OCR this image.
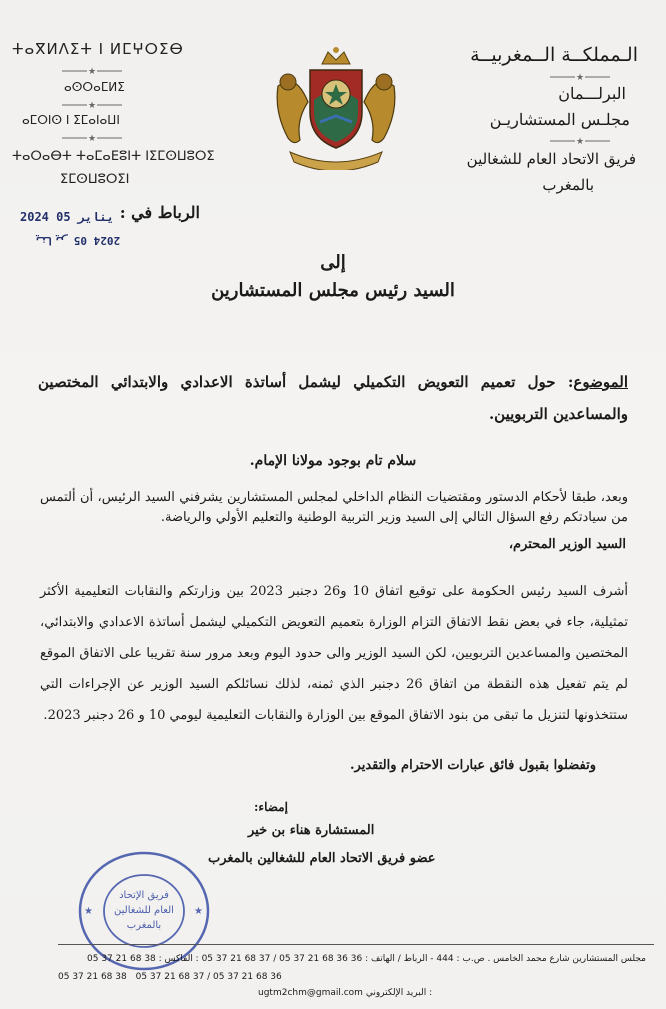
ⵜⴰⴳⵍⴷⵉⵜ ⵏ ⵍⵎⵖⵔⵉⴱ
★
ⴰⵙⵔⴰⵎⵍⵉ
★
ⴰⵎⵔⵏⵙ ⵏ ⵉⵎⴰⵏⴰⵡⵏ
★
ⵜⴰⵔⴰⴱⵜ ⵜⴰⵎⴰⴹⵓⵏⵜ ⵏⵉⵎⵙⵡⵓⵔⵉ
ⵉⵎⵙⵡⵓⵔⵉⵏ
الـمملكــة الــمغربيــة
★
البرلـــمان
مجلـس المستشاريـن
★
فريق الاتحاد العام للشغالين
بالمغرب
الرباط في :
2024 يناير 05
2024 يناير 05
إلى
السيد رئيس مجلس المستشارين
الموضوع: حول تعميم التعويض التكميلي ليشمل أساتذة الاعدادي والابتدائي المختصين والمساعدين التربويين.
سلام تام بوجود مولانا الإمام.
وبعد، طبقا لأحكام الدستور ومقتضيات النظام الداخلي لمجلس المستشارين يشرفني السيد الرئيس، أن ألتمس من سيادتكم رفع السؤال التالي إلى السيد وزير التربية الوطنية والتعليم الأولي والرياضة.
السيد الوزير المحترم،
أشرف السيد رئيس الحكومة على توقيع اتفاق 10 و26 دجنبر 2023 بين وزارتكم والنقابات التعليمية الأكثر تمثيلية، جاء في بعض نقط الاتفاق التزام الوزارة بتعميم التعويض التكميلي ليشمل أساتذة الاعدادي والابتدائي، المختصين والمساعدين التربويين، لكن السيد الوزير والى حدود اليوم وبعد مرور سنة تقريبا على الاتفاق الموقع لم يتم تفعيل هذه النقطة من اتفاق 26 دجنبر الذي ثمنه، لذلك نسائلكم السيد الوزير عن الإجراءات التي ستتخذونها لتنزيل ما تبقى من بنود الاتفاق الموقع بين الوزارة والنقابات التعليمية ليومي 10 و 26 دجنبر 2023.
وتفضلوا بقبول فائق عبارات الاحترام والتقدير.
إمضاء:
المستشارة هناء بن خير
عضو فريق الاتحاد العام للشغالين بالمغرب
فريق الإتحاد
العام للشغالين
بالمغرب
★	★
مجلس المستشارين شارع محمد الخامس . ص.ب : 444 - الرباط / الهاتف : 36 36 68 21 37 05 / 37 68 21 37 05 : الفاكس : 38 68 21 37 05
05 37 21 68 38 05 37 21 68 37 / 05 37 21 68 36
ugtm2chm@gmail.com البريد الإلكتروني :
